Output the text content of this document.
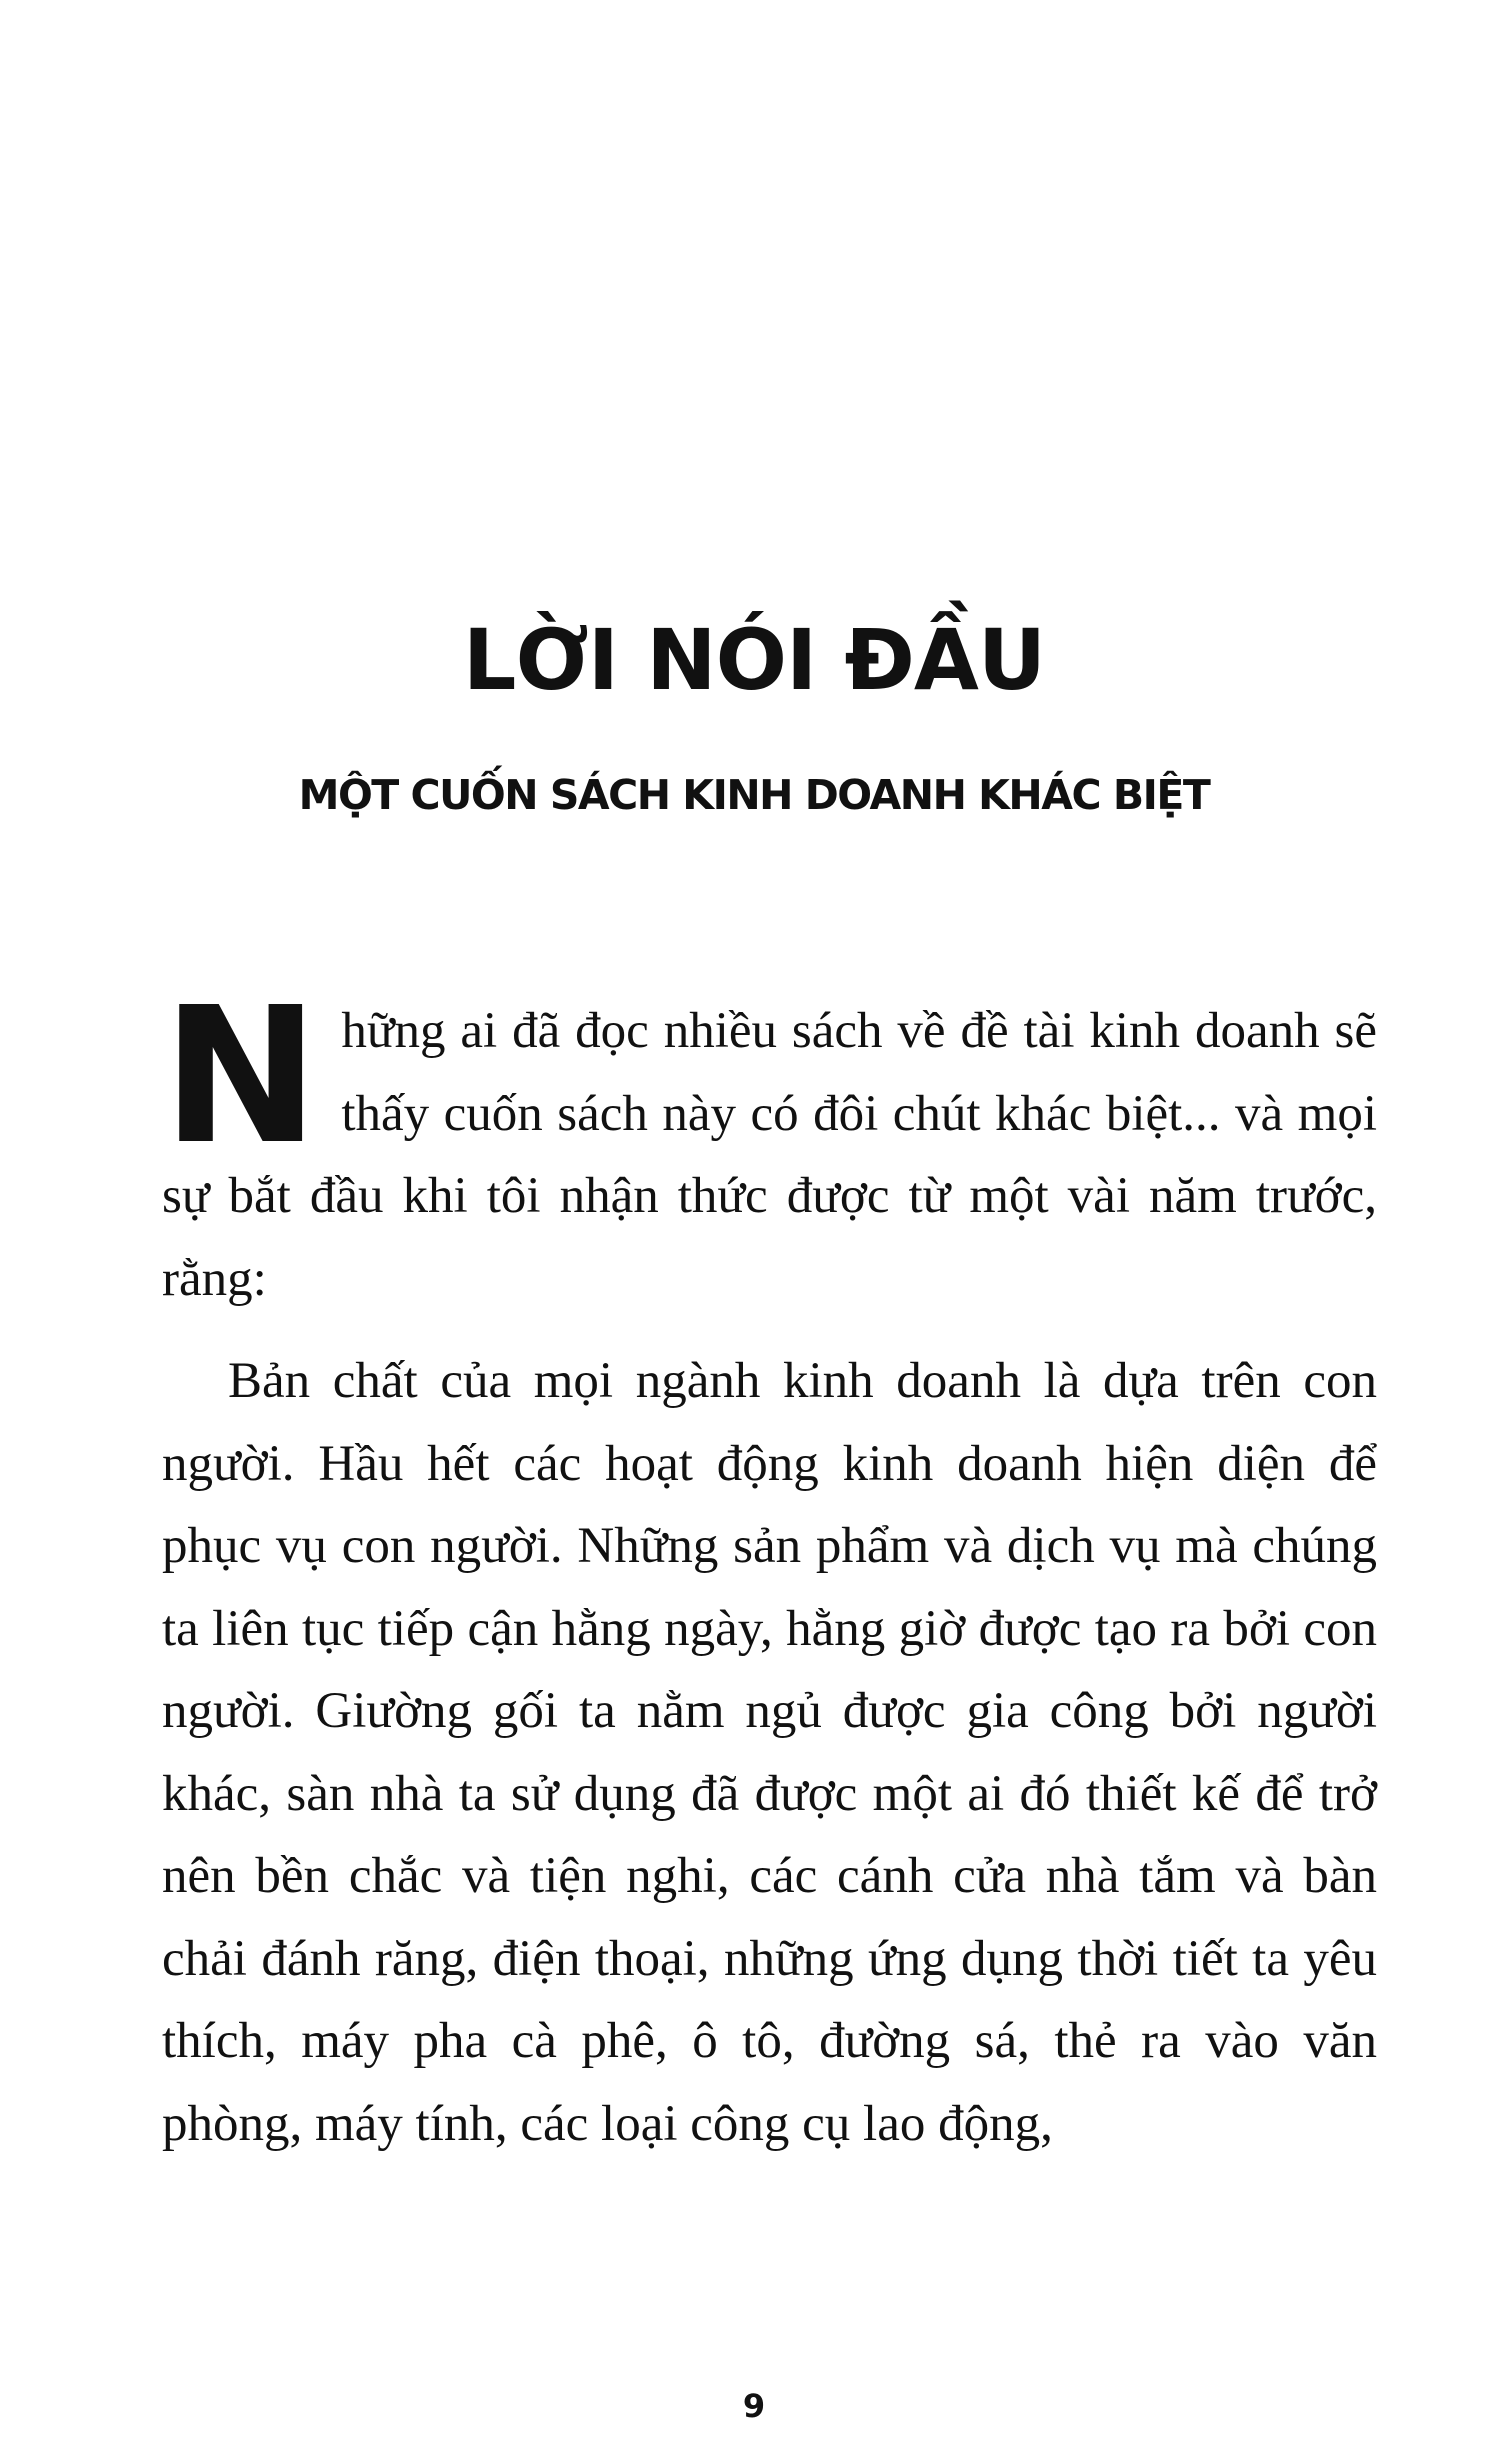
LỜI NÓI ĐẦU
MỘT CUỐN SÁCH KINH DOANH KHÁC BIỆT

Những ai đã đọc nhiều sách về đề tài kinh doanh sẽ thấy cuốn sách này có đôi chút khác biệt... và mọi sự bắt đầu khi tôi nhận thức được từ một vài năm trước, rằng:

Bản chất của mọi ngành kinh doanh là dựa trên con người. Hầu hết các hoạt động kinh doanh hiện diện để phục vụ con người. Những sản phẩm và dịch vụ mà chúng ta liên tục tiếp cận hằng ngày, hằng giờ được tạo ra bởi con người. Giường gối ta nằm ngủ được gia công bởi người khác, sàn nhà ta sử dụng đã được một ai đó thiết kế để trở nên bền chắc và tiện nghi, các cánh cửa nhà tắm và bàn chải đánh răng, điện thoại, những ứng dụng thời tiết ta yêu thích, máy pha cà phê, ô tô, đường sá, thẻ ra vào văn phòng, máy tính, các loại công cụ lao động,

9
